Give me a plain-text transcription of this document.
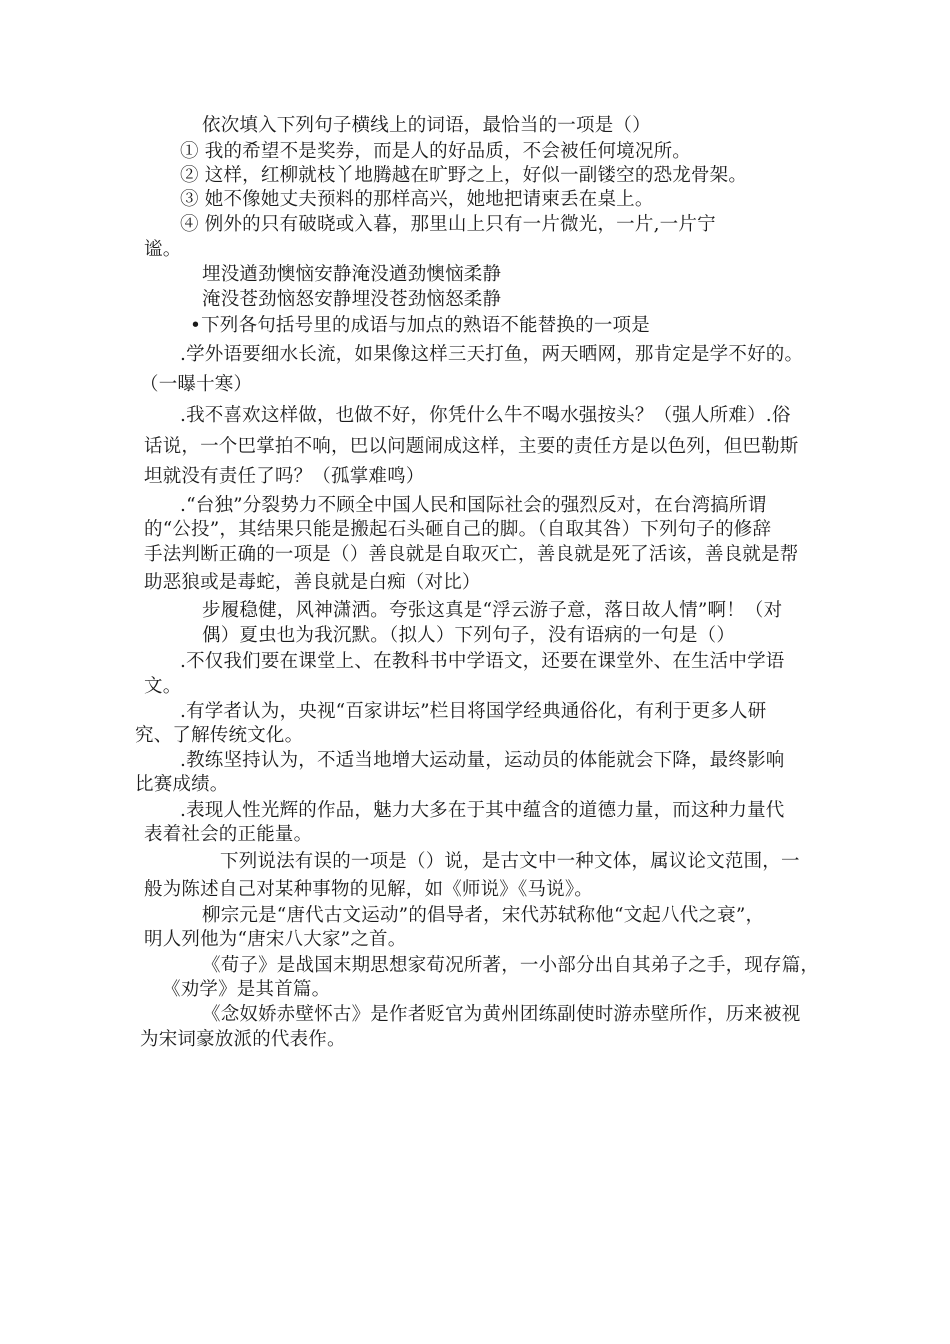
依次填入下列句子横线上的词语，最恰当的一项是（）
① 我的希望不是奖券，而是人的好品质，不会被任何境况所。
② 这样，红柳就枝丫地腾越在旷野之上，好似一副镂空的恐龙骨架。
③ 她不像她丈夫预料的那样高兴，她地把请柬丢在桌上。
④ 例外的只有破晓或入暮，那里山上只有一片微光，一片,一片宁
谧。
埋没遒劲懊恼安静淹没遒劲懊恼柔静
淹没苍劲恼怒安静埋没苍劲恼怒柔静
•下列各句括号里的成语与加点的熟语不能替换的一项是
.学外语要细水长流，如果像这样三天打鱼，两天晒网，那肯定是学不好的。
（一曝十寒）
.我不喜欢这样做，也做不好，你凭什么牛不喝水强按头？（强人所难）.俗
话说，一个巴掌拍不响，巴以问题闹成这样，主要的责任方是以色列，但巴勒斯
坦就没有责任了吗？（孤掌难鸣）
.“台独”分裂势力不顾全中国人民和国际社会的强烈反对，在台湾搞所谓
的“公投”，其结果只能是搬起石头砸自己的脚。（自取其咎）下列句子的修辞
手法判断正确的一项是（）善良就是自取灭亡，善良就是死了活该，善良就是帮
助恶狼或是毒蛇，善良就是白痴（对比）
步履稳健，风神潇洒。夸张这真是“浮云游子意，落日故人情”啊！（对
偶）夏虫也为我沉默。（拟人）下列句子，没有语病的一句是（）
.不仅我们要在课堂上、在教科书中学语文，还要在课堂外、在生活中学语
文。
.有学者认为，央视“百家讲坛”栏目将国学经典通俗化，有利于更多人研
究、了解传统文化。
.教练坚持认为，不适当地增大运动量，运动员的体能就会下降，最终影响
比赛成绩。
.表现人性光辉的作品，魅力大多在于其中蕴含的道德力量，而这种力量代
表着社会的正能量。
下列说法有误的一项是（）说，是古文中一种文体，属议论文范围，一
般为陈述自己对某种事物的见解，如《师说》《马说》。
柳宗元是“唐代古文运动”的倡导者，宋代苏轼称他“文起八代之衰”，
明人列他为“唐宋八大家”之首。
《荀子》是战国末期思想家荀况所著，一小部分出自其弟子之手，现存篇，
《劝学》是其首篇。
《念奴娇赤壁怀古》是作者贬官为黄州团练副使时游赤壁所作，历来被视
为宋词豪放派的代表作。
